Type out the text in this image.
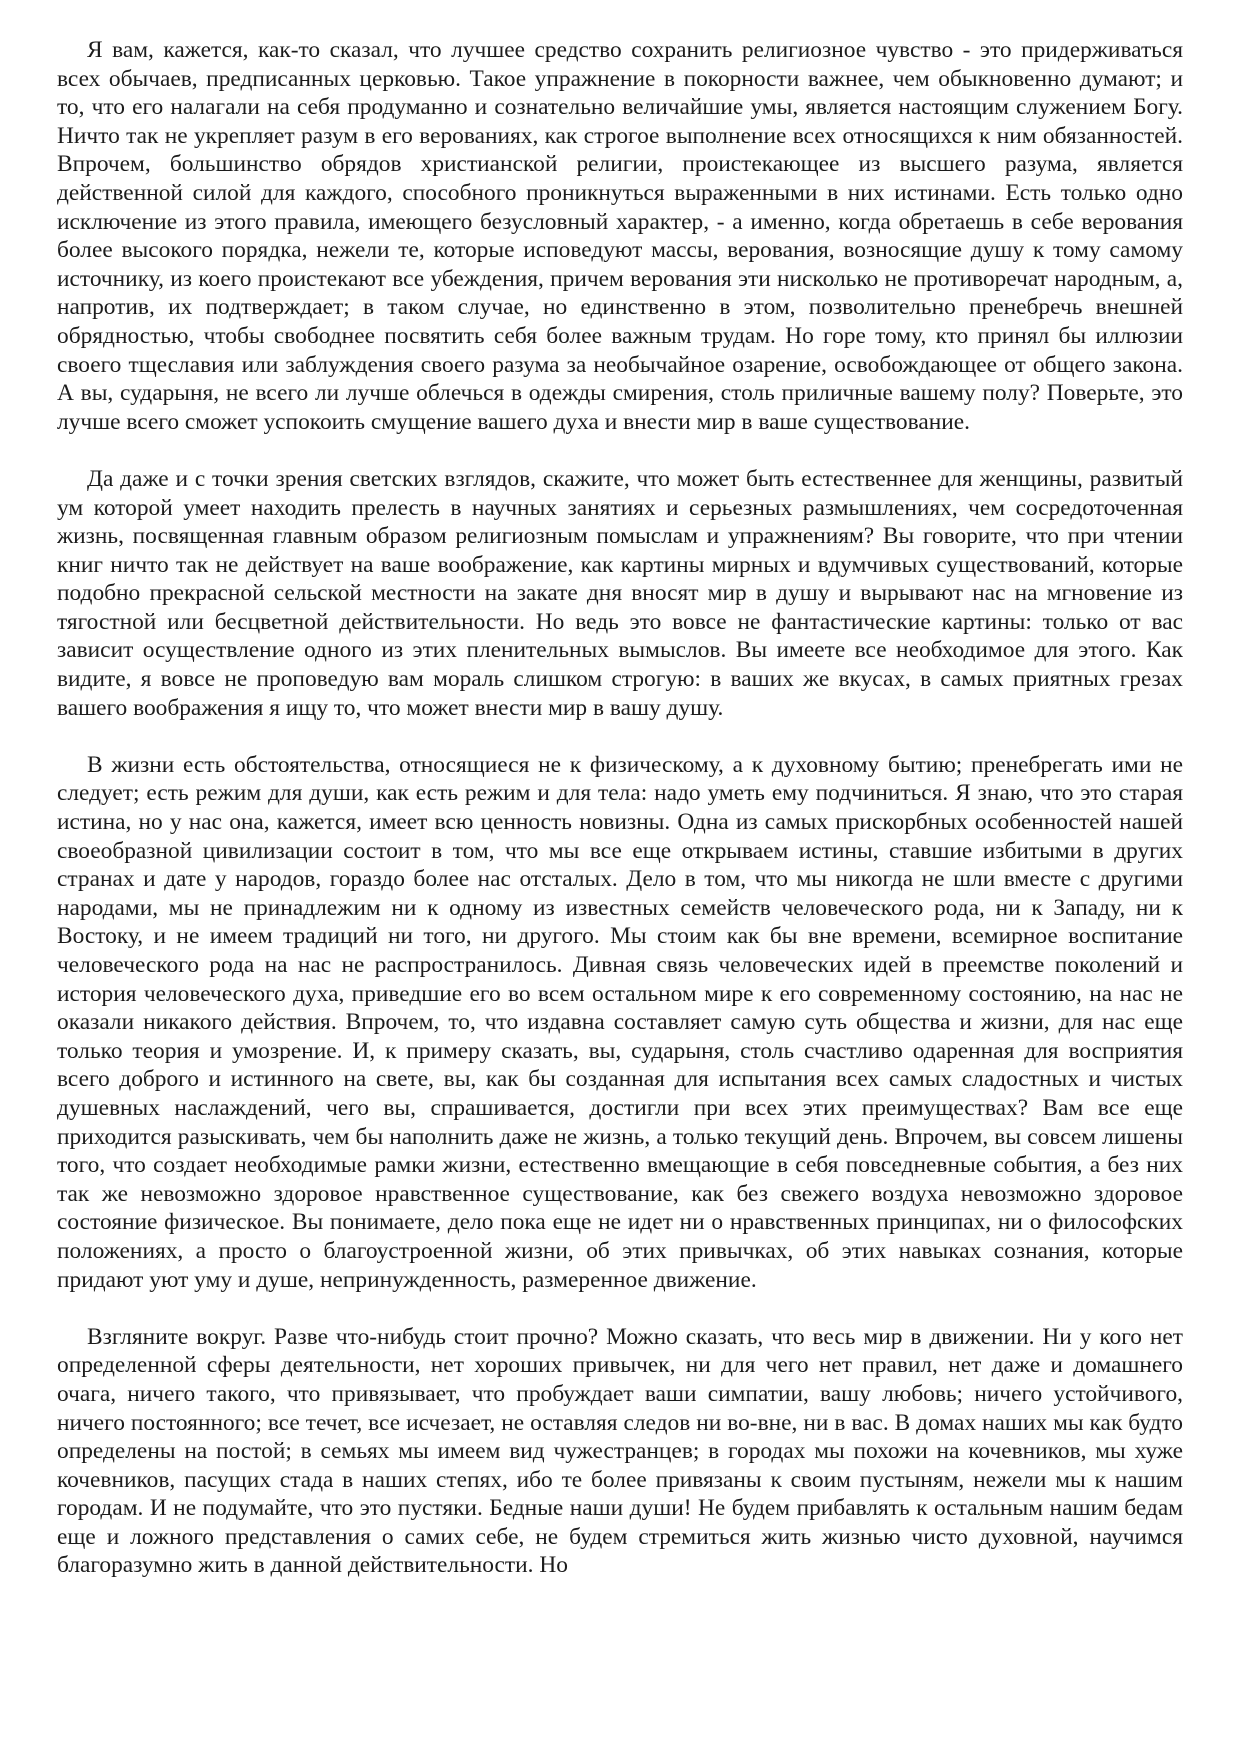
Я вам, кажется, как-то сказал, что лучшее средство сохранить религиозное чувство - это придерживаться всех обычаев, предписанных церковью. Такое упражнение в покорности важнее, чем обыкновенно думают; и то, что его налагали на себя продуманно и сознательно величайшие умы, является настоящим служением Богу. Ничто так не укрепляет разум в его верованиях, как строгое выполнение всех относящихся к ним обязанностей. Впрочем, большинство обрядов христианской религии, проистекающее из высшего разума, является действенной силой для каждого, способного проникнуться выраженными в них истинами. Есть только одно исключение из этого правила, имеющего безусловный характер, - а именно, когда обретаешь в себе верования более высокого порядка, нежели те, которые исповедуют массы, верования, возносящие душу к тому самому источнику, из коего проистекают все убеждения, причем верования эти нисколько не противоречат народным, а, напротив, их подтверждает; в таком случае, но единственно в этом, позволительно пренебречь внешней обрядностью, чтобы свободнее посвятить себя более важным трудам. Но горе тому, кто принял бы иллюзии своего тщеславия или заблуждения своего разума за необычайное озарение, освобождающее от общего закона. А вы, сударыня, не всего ли лучше облечься в одежды смирения, столь приличные вашему полу? Поверьте, это лучше всего сможет успокоить смущение вашего духа и внести мир в ваше существование.

Да даже и с точки зрения светских взглядов, скажите, что может быть естественнее для женщины, развитый ум которой умеет находить прелесть в научных занятиях и серьезных размышлениях, чем сосредоточенная жизнь, посвященная главным образом религиозным помыслам и упражнениям? Вы говорите, что при чтении книг ничто так не действует на ваше воображение, как картины мирных и вдумчивых существований, которые подобно прекрасной сельской местности на закате дня вносят мир в душу и вырывают нас на мгновение из тягостной или бесцветной действительности. Но ведь это вовсе не фантастические картины: только от вас зависит осуществление одного из этих пленительных вымыслов. Вы имеете все необходимое для этого. Как видите, я вовсе не проповедую вам мораль слишком строгую: в ваших же вкусах, в самых приятных грезах вашего воображения я ищу то, что может внести мир в вашу душу.

В жизни есть обстоятельства, относящиеся не к физическому, а к духовному бытию; пренебрегать ими не следует; есть режим для души, как есть режим и для тела: надо уметь ему подчиниться. Я знаю, что это старая истина, но у нас она, кажется, имеет всю ценность новизны. Одна из самых прискорбных особенностей нашей своеобразной цивилизации состоит в том, что мы все еще открываем истины, ставшие избитыми в других странах и дате у народов, гораздо более нас отсталых. Дело в том, что мы никогда не шли вместе с другими народами, мы не принадлежим ни к одному из известных семейств человеческого рода, ни к Западу, ни к Востоку, и не имеем традиций ни того, ни другого. Мы стоим как бы вне времени, всемирное воспитание человеческого рода на нас не распространилось. Дивная связь человеческих идей в преемстве поколений и история человеческого духа, приведшие его во всем остальном мире к его современному состоянию, на нас не оказали никакого действия. Впрочем, то, что издавна составляет самую суть общества и жизни, для нас еще только теория и умозрение. И, к примеру сказать, вы, сударыня, столь счастливо одаренная для восприятия всего доброго и истинного на свете, вы, как бы созданная для испытания всех самых сладостных и чистых душевных наслаждений, чего вы, спрашивается, достигли при всех этих преимуществах? Вам все еще приходится разыскивать, чем бы наполнить даже не жизнь, а только текущий день. Впрочем, вы совсем лишены того, что создает необходимые рамки жизни, естественно вмещающие в себя повседневные события, а без них так же невозможно здоровое нравственное существование, как без свежего воздуха невозможно здоровое состояние физическое. Вы понимаете, дело пока еще не идет ни о нравственных принципах, ни о философских положениях, а просто о благоустроенной жизни, об этих привычках, об этих навыках сознания, которые придают уют уму и душе, непринужденность, размеренное движение.

Взгляните вокруг. Разве что-нибудь стоит прочно? Можно сказать, что весь мир в движении. Ни у кого нет определенной сферы деятельности, нет хороших привычек, ни для чего нет правил, нет даже и домашнего очага, ничего такого, что привязывает, что пробуждает ваши симпатии, вашу любовь; ничего устойчивого, ничего постоянного; все течет, все исчезает, не оставляя следов ни во-вне, ни в вас. В домах наших мы как будто определены на постой; в семьях мы имеем вид чужестранцев; в городах мы похожи на кочевников, мы хуже кочевников, пасущих стада в наших степях, ибо те более привязаны к своим пустыням, нежели мы к нашим городам. И не подумайте, что это пустяки. Бедные наши души! Не будем прибавлять к остальным нашим бедам еще и ложного представления о самих себе, не будем стремиться жить жизнью чисто духовной, научимся благоразумно жить в данной действительности. Но
